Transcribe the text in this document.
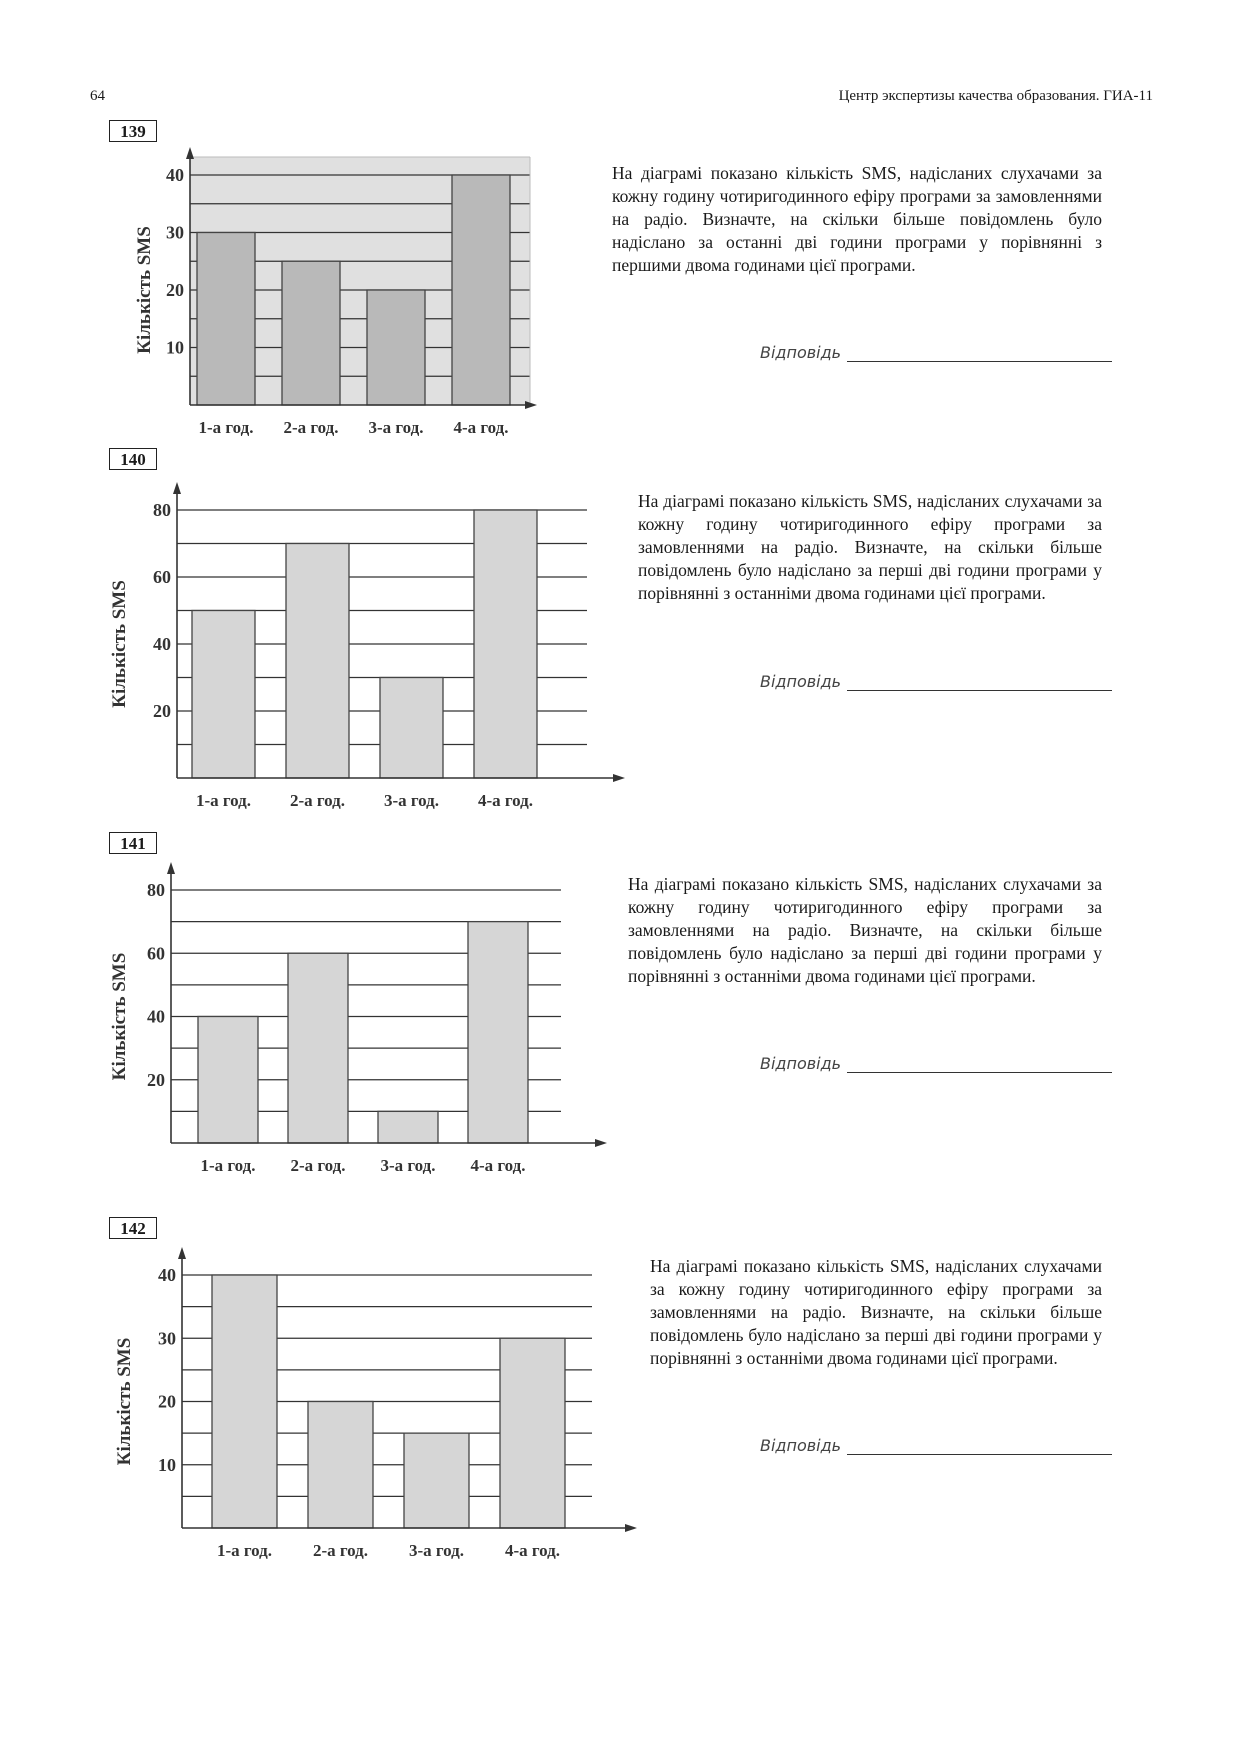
64	Центр экспертизы качества образования. ГИА-11
139
10
20
30
40
1-а год. 2-а год. 3-а год. 4-а год.
Кількість SMS
На діаграмі показано кількість SMS, надісланих слухачами за кожну годину чотиригодинного ефіру програми за замовленнями на радіо. Визначте, на скільки більше повідомлень було надіслано за останні дві години програми у порівнянні з першими двома годинами цієї програми.
Відповідь
140
20
40
60
80
1-а год. 2-а год. 3-а год. 4-а год.
Кількість SMS
На діаграмі показано кількість SMS, надісланих слухачами за кожну годину чотиригодинного ефіру програми за замовленнями на радіо. Визначте, на скільки більше повідомлень було надіслано за перші дві години програми у порівнянні з останніми двома годинами цієї програми.
Відповідь
141
20
40
60
80
1-а год. 2-а год. 3-а год. 4-а год.
Кількість SMS
На діаграмі показано кількість SMS, надісланих слухачами за кожну годину чотиригодинного ефіру програми за замовленнями на радіо. Визначте, на скільки більше повідомлень було надіслано за перші дві години програми у порівнянні з останніми двома годинами цієї програми.
Відповідь
142
10
20
30
40
1-а год. 2-а год. 3-а год. 4-а год.
Кількість SMS
На діаграмі показано кількість SMS, надісланих слухачами за кожну годину чотиригодинного ефіру програми за замовленнями на радіо. Визначте, на скільки більше повідомлень було надіслано за перші дві години програми у порівнянні з останніми двома годинами цієї програми.
Відповідь
